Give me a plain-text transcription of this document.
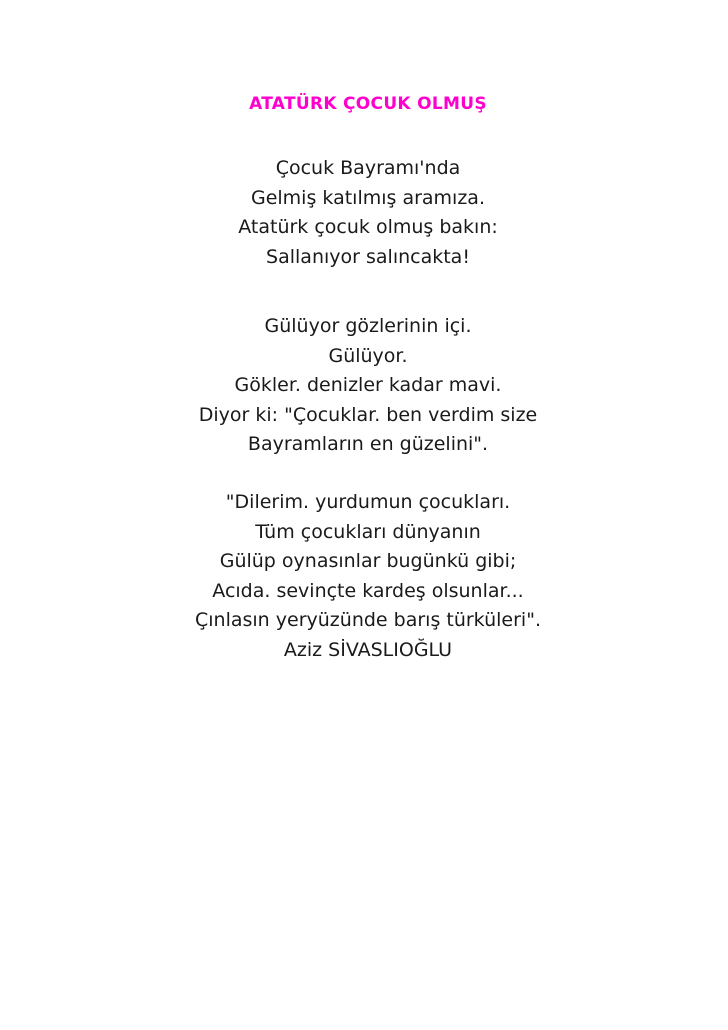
ATATÜRK ÇOCUK OLMUŞ
Çocuk Bayramı'nda
Gelmiş katılmış aramıza.
Atatürk çocuk olmuş bakın:
Sallanıyor salıncakta!
Gülüyor gözlerinin içi.
Gülüyor.
Gökler. denizler kadar mavi.
Diyor ki: "Çocuklar. ben verdim size
Bayramların en güzelini".
"Dilerim. yurdumun çocukları.
Tüm çocukları dünyanın
Gülüp oynasınlar bugünkü gibi;
Acıda. sevinçte kardeş olsunlar...
Çınlasın yeryüzünde barış türküleri".
Aziz SİVASLIOĞLU
